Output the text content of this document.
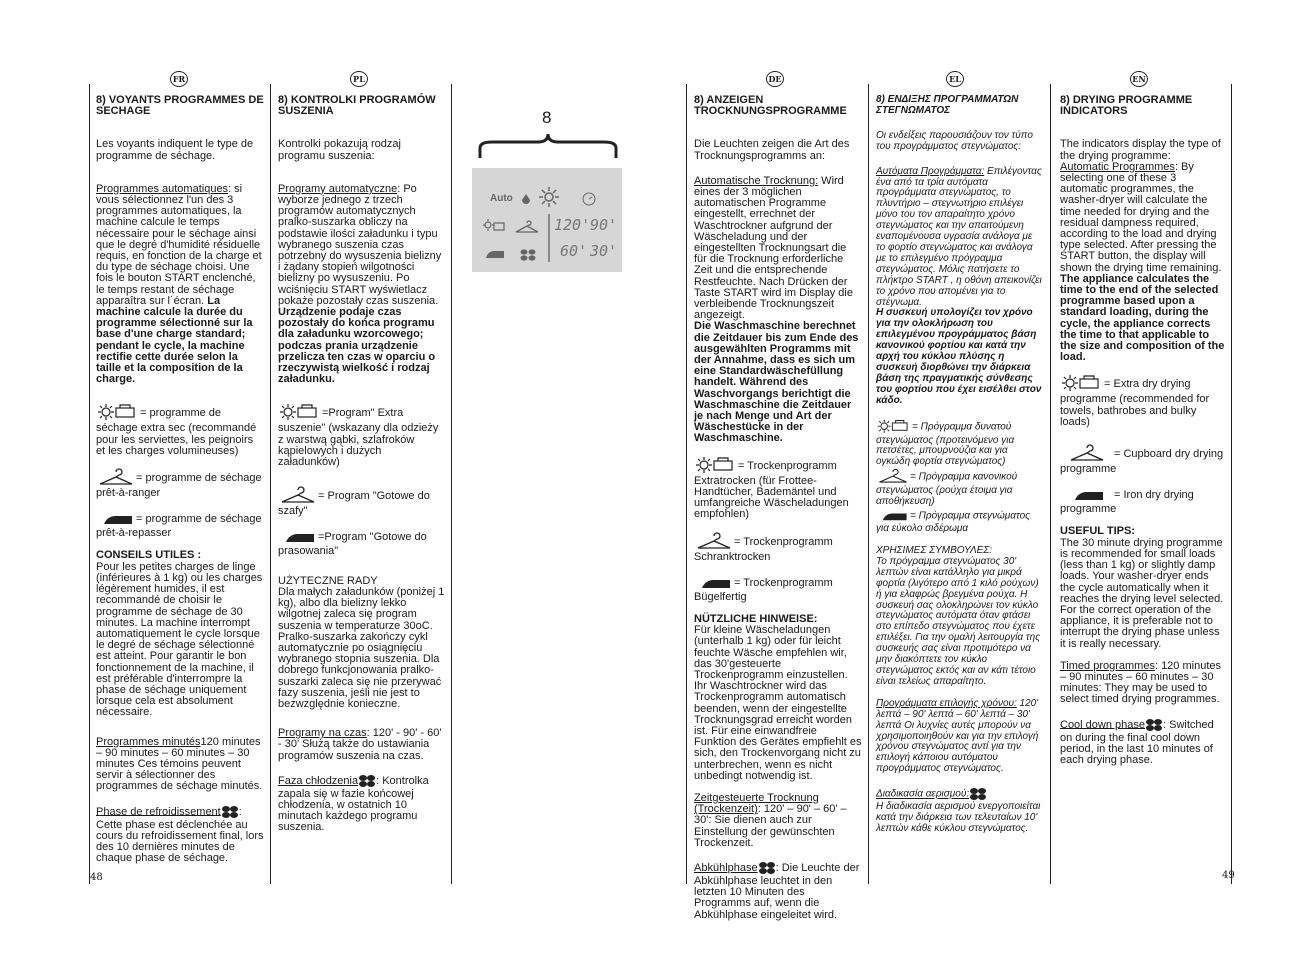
FR	PL	DE	EL	EN

8) VOYANTS PROGRAMMES DE SECHAGE

Les voyants indiquent le type de programme de séchage.

Programmes automatiques: si vous sélectionnez l'un des 3 programmes automatiques, la machine calcule le temps nécessaire pour le séchage ainsi que le degré d'humidité résiduelle requis, en fonction de la charge et du type de séchage choisi. Une fois le bouton START enclenché, le temps restant de séchage apparaîtra sur l´écran. La machine calcule la durée du programme sélectionné sur la base d'une charge standard; pendant le cycle, la machine rectifie cette durée selon la taille et la composition de la charge.

= programme de séchage extra sec (recommandé pour les serviettes, les peignoirs et les charges volumineuses)

= programme de séchage prêt-à-ranger

= programme de séchage prêt-à-repasser

CONSEILS UTILES :
Pour les petites charges de linge (inférieures à 1 kg) ou les charges légèrement humides, il est recommandé de choisir le programme de séchage de 30 minutes. La machine interrompt automatiquement le cycle lorsque le degré de séchage sélectionné est atteint. Pour garantir le bon fonctionnement de la machine, il est préférable d'interrompre la phase de séchage uniquement lorsque cela est absolument nécessaire.

Programmes minutés120 minutes – 90 minutes – 60 minutes – 30 minutes Ces témoins peuvent servir à sélectionner des programmes de séchage minutés.

Phase de refroidissement : Cette phase est déclenchée au cours du refroidissement final, lors des 10 dernières minutes de chaque phase de séchage.

8) KONTROLKI PROGRAMÓW SUSZENIA

Kontrolki pokazują rodzaj programu suszenia:

Programy automatyczne: Po wyborze jednego z trzech programów automatycznych pralko-suszarka obliczy na podstawie ilości załadunku i typu wybranego suszenia czas potrzebny do wysuszenia bielizny i żądany stopień wilgotności bielizny po wysuszeniu. Po wciśnięciu START wyświetlacz pokaże pozostały czas suszenia. Urządzenie podaje czas pozostały do końca programu dla załadunku wzorcowego; podczas prania urządzenie przelicza ten czas w oparciu o rzeczywistą wielkość i rodzaj załadunku.

=Program" Extra suszenie" (wskazany dla odzieży z warstwą gąbki, szlafroków kąpielowych i dużych załadunków)

= Program "Gotowe do szafy"

=Program "Gotowe do prasowania"

UŻYTECZNE RADY
Dla małych załadunków (poniżej 1 kg), albo dla bielizny lekko wilgotnej zaleca się program suszenia w temperaturze 30oC. Pralko-suszarka zakończy cykl automatycznie po osiągnięciu wybranego stopnia suszenia. Dla dobrego funkcjonowania pralko-suszarki zaleca się nie przerywać fazy suszenia, jeśli nie jest to bezwzględnie konieczne.

Programy na czas: 120' - 90' - 60' - 30' Służą także do ustawiania programów suszenia na czas.

Faza chłodzenia : Kontrolka zapala się w fazie końcowej chłodzenia, w ostatnich 10 minutach każdego programu suszenia.

8
Auto
120' 90'
60' 30'

8) ANZEIGEN TROCKNUNGSPROGRAMME

Die Leuchten zeigen die Art des Trocknungsprogramms an:

Automatische Trocknung: Wird eines der 3 möglichen automatischen Programme eingestellt, errechnet der Waschtrockner aufgrund der Wäscheladung und der eingestellten Trocknungsart die für die Trocknung erforderliche Zeit und die entsprechende Restfeuchte. Nach Drücken der Taste START wird im Display die verbleibende Trocknungszeit angezeigt.
Die Waschmaschine berechnet die Zeitdauer bis zum Ende des ausgewählten Programms mit der Annahme, dass es sich um eine Standardwäschefüllung handelt. Während des Waschvorgangs berichtigt die Waschmaschine die Zeitdauer je nach Menge und Art der Wäschestücke in der Waschmaschine.

= Trockenprogramm Extratrocken (für Frottee-Handtücher, Bademäntel und umfangreiche Wäscheladungen empfohlen)

= Trockenprogramm Schranktrocken

= Trockenprogramm Bügelfertig

NÜTZLICHE HINWEISE:
Für kleine Wäscheladungen (unterhalb 1 kg) oder für leicht feuchte Wäsche empfehlen wir, das 30'gesteuerte Trockenprogramm einzustellen. Ihr Waschtrockner wird das Trockenprogramm automatisch beenden, wenn der eingestellte Trocknungsgrad erreicht worden ist. Für eine einwandfreie Funktion des Gerätes empfiehlt es sich, den Trockenvorgang nicht zu unterbrechen, wenn es nicht unbedingt notwendig ist.

Zeitgesteuerte Trocknung (Trockenzeit): 120' – 90' – 60' – 30': Sie dienen auch zur Einstellung der gewünschten Trockenzeit.

Abkühlphase : Die Leuchte der Abkühlphase leuchtet in den letzten 10 Minuten des Programms auf, wenn die Abkühlphase eingeleitet wird.

8) ΕΝΔΙΞΗΣ ΠΡΟΓΡΑΜΜΑΤΩΝ ΣΤΕΓΝΩΜΑΤΟΣ

Οι ενδείξεις παρουσιάζουν τον τύπο του προγράμματος στεγνώματος:

Αυτόματα Προγράμματα: Επιλέγοντας ένα από τα τρία αυτόματα προγράμματα στεγνώματος, το πλυντήριο – στεγνωτήριο επιλέγει μόνο του τον απαραίτητο χρόνο στεγνώματος και την απαιτούμενη εναπομένουσα υγρασία ανάλογα με το φορτίο στεγνώματος και ανάλογα με το επιλεγμένο πρόγραμμα στεγνώματος. Μόλις πατήσετε το πλήκτρο START , η οθόνη απεικονίζει το χρόνο που απομένει για το στέγνωμα.
Η συσκευή υπολογίζει τον χρόνο για την ολοκλήρωση του επιλεγμένου προγράμματος βάση κανονικού φορτίου και κατά την αρχή του κύκλου πλύσης η συσκευή διορθώνει την διάρκεια βάση της πραγματικής σύνθεσης του φορτίου που έχει εισέλθει στον κάδο.

= Πρόγραμμα δυνατού στεγνώματος (προτεινόμενο για πετσέτες, μπουρνούζια και για ογκώδη φορτία στεγνώματος)

= Πρόγραμμα κανονικού στεγνώματος (ρούχα έτοιμα για αποθήκευση)

= Πρόγραμμα στεγνώματος για εύκολο σιδέρωμα

ΧΡΗΣΙΜΕΣ ΣΥΜΒΟΥΛΕΣ:
Το πρόγραμμα στεγνώματος 30' λεπτών είναι κατάλληλο για μικρά φορτία (λιγότερο από 1 κιλό ρούχων) ή για ελαφρώς βρεγμένα ρούχα. Η συσκευή σας ολοκληρώνει τον κύκλο στεγνώματος αυτόματα όταν φτάσει στο επίπεδο στεγνώματος που έχετε επιλέξει. Για την ομαλή λειτουργία της συσκευής σας είναι προτιμότερο να μην διακόπτετε τον κύκλο στεγνώματος εκτός και αν κάτι τέτοιο είναι τελείως απαραίτητο.

Προγράμματα επιλογής χρόνου: 120' λεπτά – 90' λεπτά – 60' λεπτά – 30' λεπτά Οι λυχνίες αυτές μπορούν να χρησιμοποιηθούν και για την επιλογή χρόνου στεγνώματος αντί για την επιλογή κάποιου αυτόματου προγράμματος στεγνώματος.

Διαδικασία αερισμού:
Η διαδικασία αερισμού ενεργοποιείται κατά την διάρκεια των τελευταίων 10' λεπτών κάθε κύκλου στεγνώματος.

8) DRYING PROGRAMME INDICATORS

The indicators display the type of the drying programme:

Automatic Programmes: By selecting one of these 3 automatic programmes, the washer-dryer will calculate the time needed for drying and the residual dampness required, according to the load and drying type selected. After pressing the START button, the display will shown the drying time remaining.
The appliance calculates the time to the end of the selected programme based upon a standard loading, during the cycle, the appliance corrects the time to that applicable to the size and composition of the load.

= Extra dry drying programme (recommended for towels, bathrobes and bulky loads)

= Cupboard dry drying programme

= Iron dry drying programme

USEFUL TIPS:
The 30 minute drying programme is recommended for small loads (less than 1 kg) or slightly damp loads. Your washer-dryer ends the cycle automatically when it reaches the drying level selected. For the correct operation of the appliance, it is preferable not to interrupt the drying phase unless it is really necessary.

Timed programmes: 120 minutes – 90 minutes – 60 minutes – 30 minutes: They may be used to select timed drying programmes.

Cool down phase : Switched on during the final cool down period, in the last 10 minutes of each drying phase.

48	49
